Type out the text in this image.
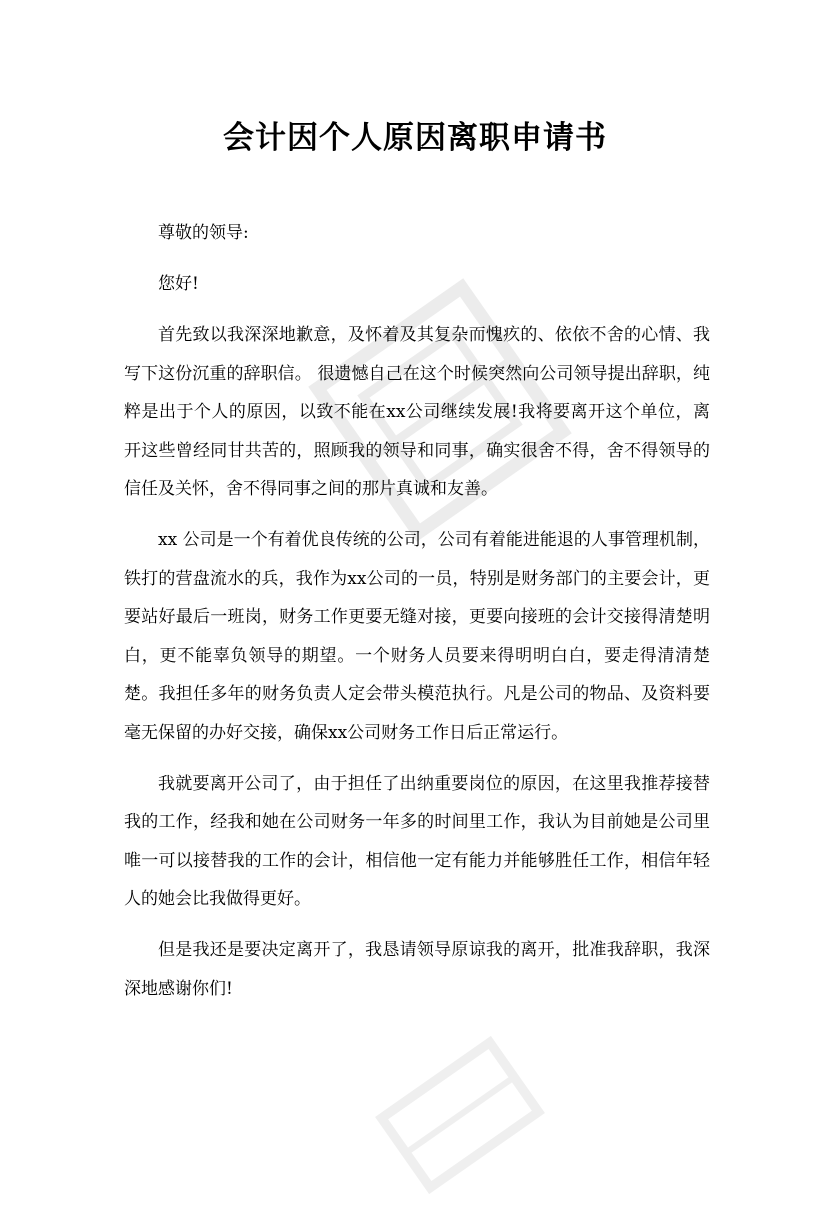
会计因个人原因离职申请书

尊敬的领导:

您好!

首先致以我深深地歉意，及怀着及其复杂而愧疚的、依依不舍的心情、我写下这份沉重的辞职信。 很遗憾自己在这个时候突然向公司领导提出辞职，纯粹是出于个人的原因，以致不能在xx公司继续发展!我将要离开这个单位，离开这些曾经同甘共苦的，照顾我的领导和同事，确实很舍不得，舍不得领导的信任及关怀，舍不得同事之间的那片真诚和友善。

xx 公司是一个有着优良传统的公司，公司有着能进能退的人事管理机制，铁打的营盘流水的兵，我作为xx公司的一员，特别是财务部门的主要会计，更要站好最后一班岗，财务工作更要无缝对接，更要向接班的会计交接得清楚明白，更不能辜负领导的期望。一个财务人员要来得明明白白，要走得清清楚楚。我担任多年的财务负责人定会带头模范执行。凡是公司的物品、及资料要毫无保留的办好交接，确保xx公司财务工作日后正常运行。

我就要离开公司了，由于担任了出纳重要岗位的原因，在这里我推荐接替我的工作，经我和她在公司财务一年多的时间里工作，我认为目前她是公司里唯一可以接替我的工作的会计，相信他一定有能力并能够胜任工作，相信年轻人的她会比我做得更好。

但是我还是要决定离开了，我恳请领导原谅我的离开，批准我辞职，我深深地感谢你们!
